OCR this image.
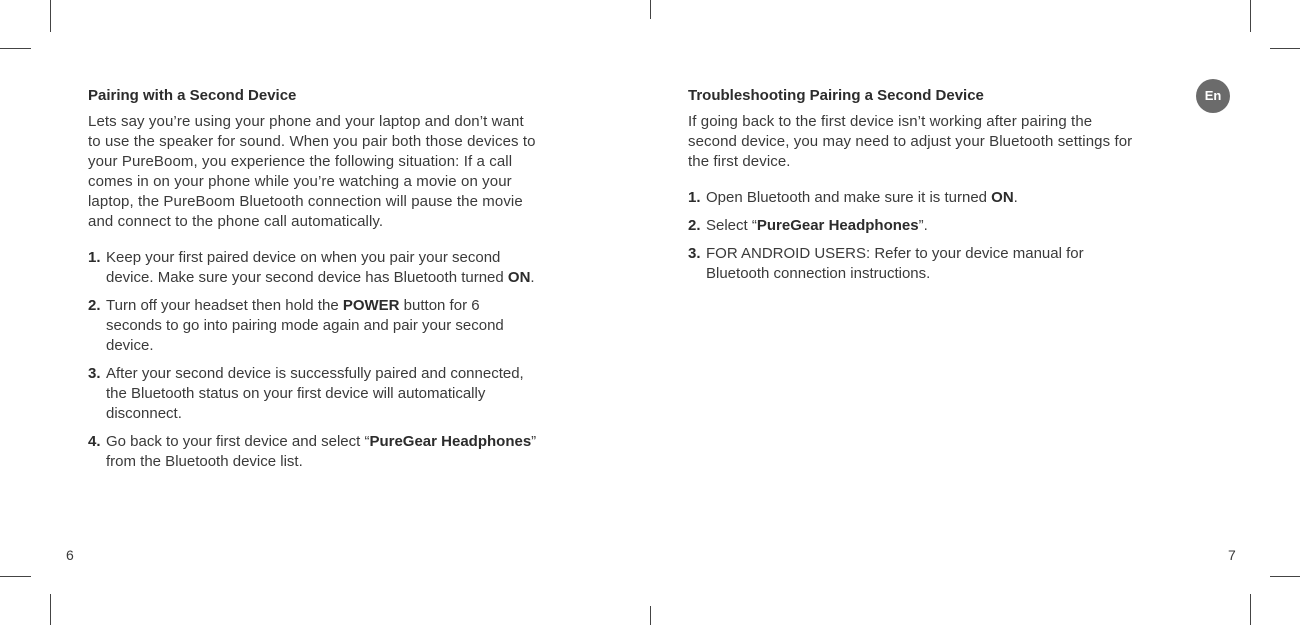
Pairing with a Second Device

Lets say you’re using your phone and your laptop and don’t want to use the speaker for sound. When you pair both those devices to your PureBoom, you experience the following situation: If a call comes in on your phone while you’re watching a movie on your laptop, the PureBoom Bluetooth connection will pause the movie and connect to the phone call automatically.

1. Keep your first paired device on when you pair your second device. Make sure your second device has Bluetooth turned ON.
2. Turn off your headset then hold the POWER button for 6 seconds to go into pairing mode again and pair your second device.
3. After your second device is successfully paired and connected, the Bluetooth status on your first device will automatically disconnect.
4. Go back to your first device and select “PureGear Headphones” from the Bluetooth device list.
Troubleshooting Pairing a Second Device

If going back to the first device isn’t working after pairing the second device, you may need to adjust your Bluetooth settings for the first device.

1. Open Bluetooth and make sure it is turned ON.
2. Select “PureGear Headphones”.
3. FOR ANDROID USERS: Refer to your device manual for Bluetooth connection instructions.
En
6	7
